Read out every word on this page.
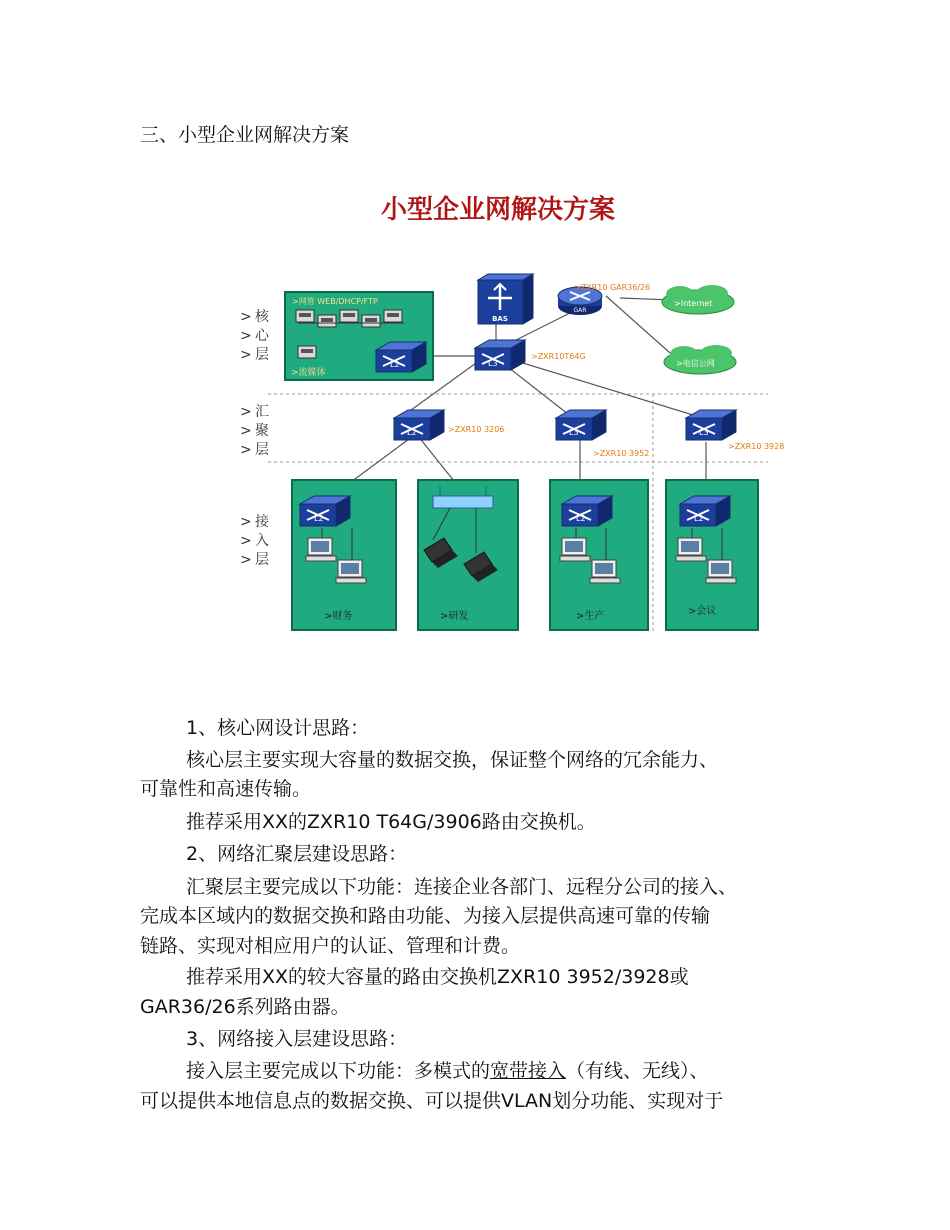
三、小型企业网解决方案
小型企业网解决方案
> 核
> 心
> 层
> 汇
> 聚
> 层
> 接
> 入
> 层
>网管 WEB/DHCP/FTP
>流媒体
L2
BAS
GAR
>ZXR10 GAR36/26
>Internet
>电信公网
L3
>ZXR10T64G
L2	>ZXR10 3206	L3
>ZXR10 3952
L3
>ZXR10 3928
L2
>财务	>研发
L2
>生产
L2
>会议
1、核心网设计思路：
核心层主要实现大容量的数据交换，保证整个网络的冗余能力、
可靠性和高速传输。
推荐采用XX的ZXR10 T64G/3906路由交换机。
2、网络汇聚层建设思路：
汇聚层主要完成以下功能：连接企业各部门、远程分公司的接入、
完成本区域内的数据交换和路由功能、为接入层提供高速可靠的传输
链路、实现对相应用户的认证、管理和计费。
推荐采用XX的较大容量的路由交换机ZXR10 3952/3928或
GAR36/26系列路由器。
3、网络接入层建设思路：
接入层主要完成以下功能：多模式的宽带接入（有线、无线）、
可以提供本地信息点的数据交换、可以提供VLAN划分功能、实现对于
